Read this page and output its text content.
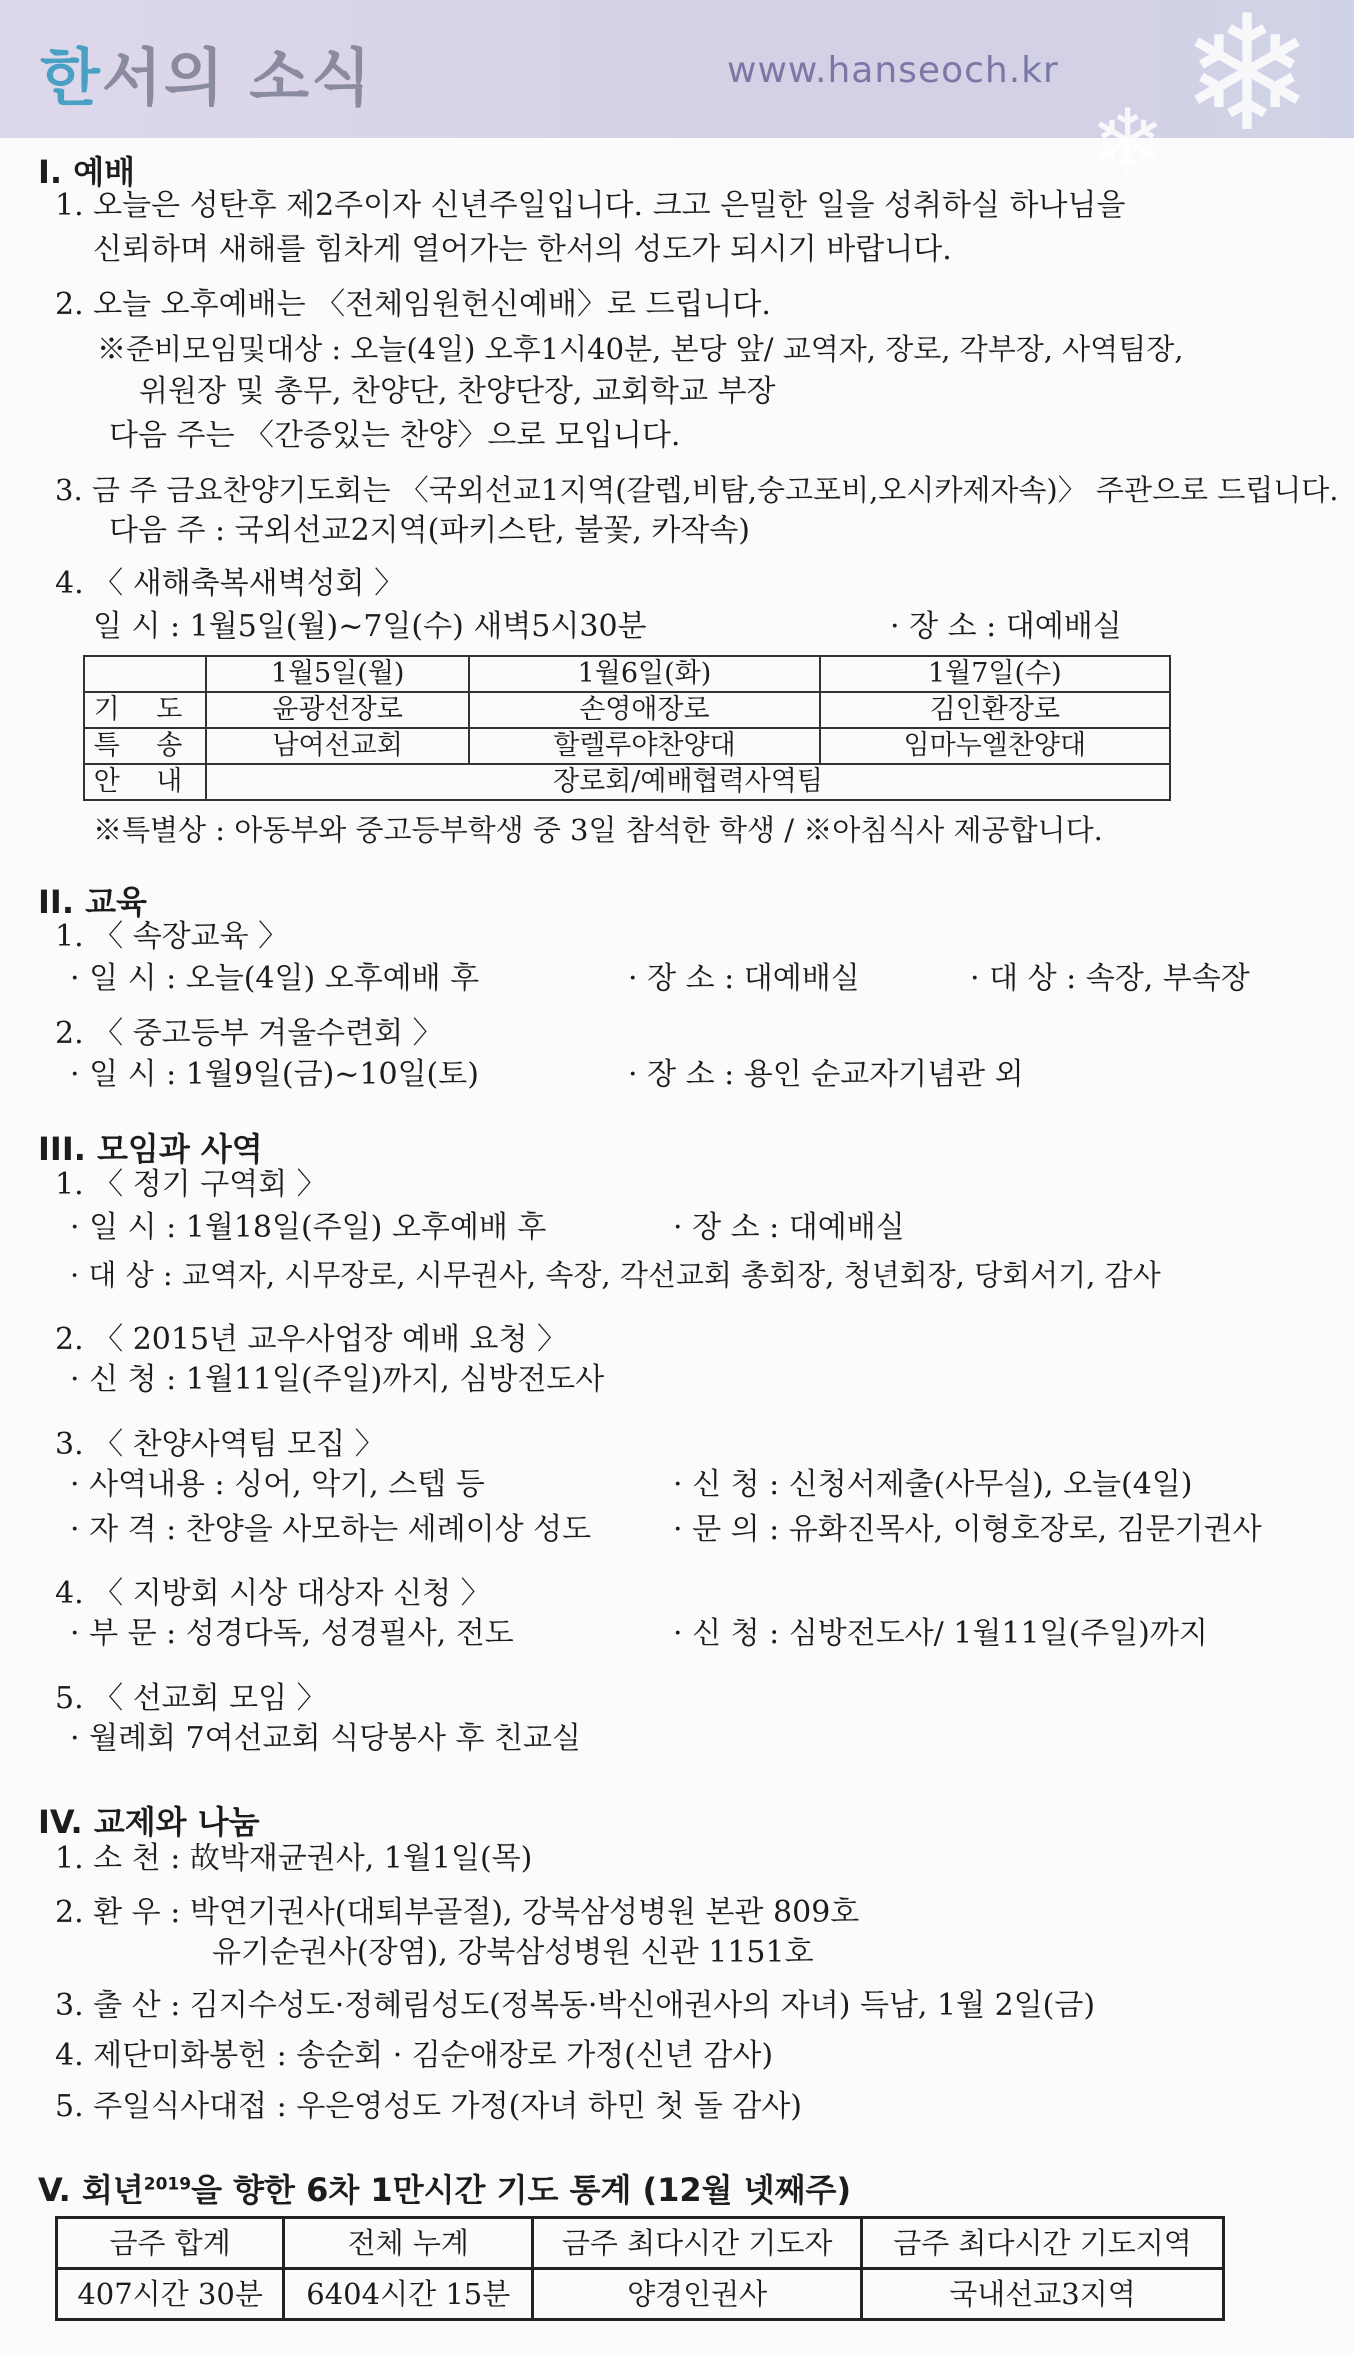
❄
❄
한서의 소식	www.hanseoch.kr
I. 예배
1. 오늘은 성탄후 제2주이자 신년주일입니다. 크고 은밀한 일을 성취하실 하나님을
신뢰하며 새해를 힘차게 열어가는 한서의 성도가 되시기 바랍니다.
2. 오늘 오후예배는 〈전체임원헌신예배〉로 드립니다.
※준비모임및대상 : 오늘(4일) 오후1시40분, 본당 앞/ 교역자, 장로, 각부장, 사역팀장,
위원장 및 총무, 찬양단, 찬양단장, 교회학교 부장
다음 주는 〈간증있는 찬양〉으로 모입니다.
3. 금 주 금요찬양기도회는 〈국외선교1지역(갈렙,비탐,숭고포비,오시카제자속)〉 주관으로 드립니다.
다음 주 : 국외선교2지역(파키스탄, 불꽃, 카작속)
4. 〈 새해축복새벽성회 〉
일 시 : 1월5일(월)~7일(수) 새벽5시30분	· 장 소 : 대예배실
	1월5일(월)	1월6일(화)	1월7일(수)
기 도	윤광선장로	손영애장로	김인환장로
특 송	남여선교회	할렐루야찬양대	임마누엘찬양대
안 내	장로회/예배협력사역팀		
※특별상 : 아동부와 중고등부학생 중 3일 참석한 학생 / ※아침식사 제공합니다.
II. 교육
1. 〈 속장교육 〉
· 일 시 : 오늘(4일) 오후예배 후	· 장 소 : 대예배실	· 대 상 : 속장, 부속장
2. 〈 중고등부 겨울수련회 〉
· 일 시 : 1월9일(금)~10일(토)	· 장 소 : 용인 순교자기념관 외
III. 모임과 사역
1. 〈 정기 구역회 〉
· 일 시 : 1월18일(주일) 오후예배 후	· 장 소 : 대예배실
· 대 상 : 교역자, 시무장로, 시무권사, 속장, 각선교회 총회장, 청년회장, 당회서기, 감사
2. 〈 2015년 교우사업장 예배 요청 〉
· 신 청 : 1월11일(주일)까지, 심방전도사
3. 〈 찬양사역팀 모집 〉
· 사역내용 : 싱어, 악기, 스텝 등	· 신 청 : 신청서제출(사무실), 오늘(4일)
· 자 격 : 찬양을 사모하는 세례이상 성도	· 문 의 : 유화진목사, 이형호장로, 김문기권사
4. 〈 지방회 시상 대상자 신청 〉
· 부 문 : 성경다독, 성경필사, 전도	· 신 청 : 심방전도사/ 1월11일(주일)까지
5. 〈 선교회 모임 〉
· 월례회 7여선교회 식당봉사 후 친교실
IV. 교제와 나눔
1. 소 천 : 故박재균권사, 1월1일(목)
2. 환 우 : 박연기권사(대퇴부골절), 강북삼성병원 본관 809호
유기순권사(장염), 강북삼성병원 신관 1151호
3. 출 산 : 김지수성도·정혜림성도(정복동·박신애권사의 자녀) 득남, 1월 2일(금)
4. 제단미화봉헌 : 송순회 · 김순애장로 가정(신년 감사)
5. 주일식사대접 : 우은영성도 가정(자녀 하민 첫 돌 감사)
V. 회년$^{2019}$을 향한 6차 1만시간 기도 통계 (12월 넷째주)
금주 합계	전체 누계	금주 최다시간 기도자	금주 최다시간 기도지역
407시간 30분	6404시간 15분	양경인권사	국내선교3지역
